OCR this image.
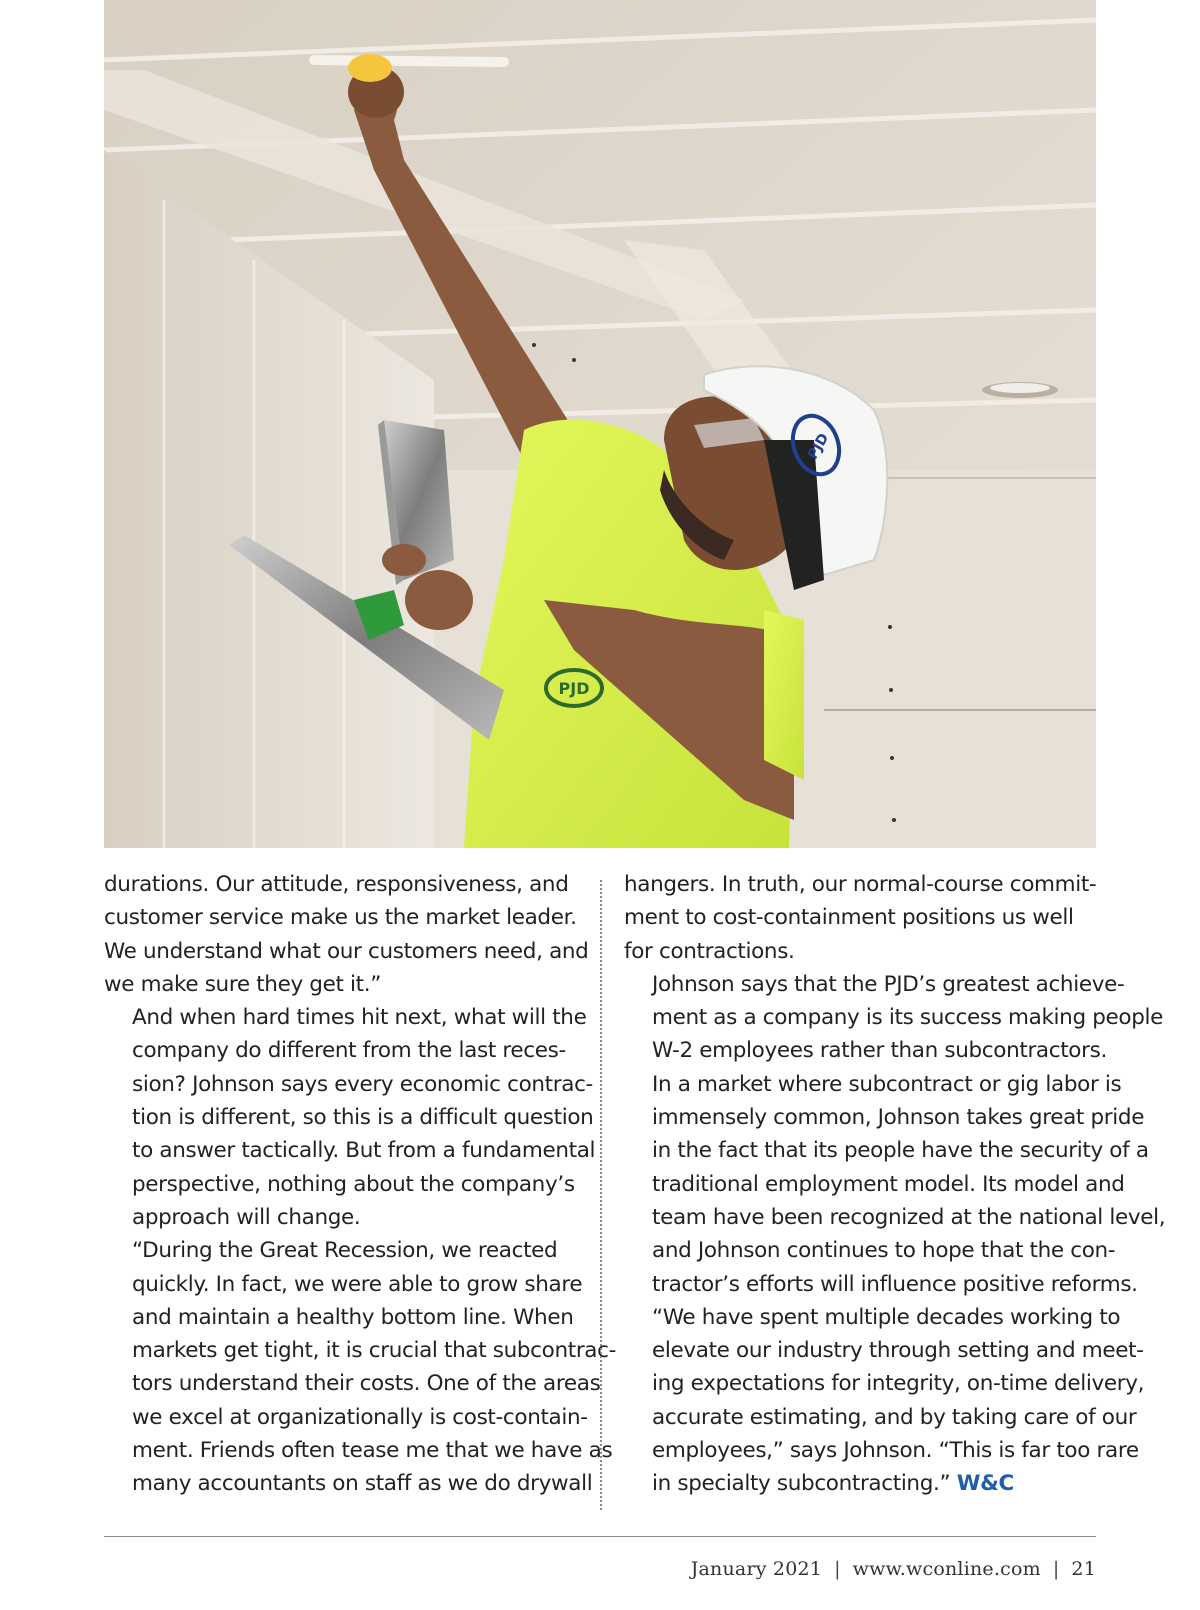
PJD
PJD

durations. Our attitude, responsiveness, and
customer service make us the market leader.
We understand what our customers need, and
we make sure they get it.”

And when hard times hit next, what will the
company do different from the last reces-
sion? Johnson says every economic contrac-
tion is different, so this is a difficult question
to answer tactically. But from a fundamental
perspective, nothing about the company’s
approach will change.

“During the Great Recession, we reacted
quickly. In fact, we were able to grow share
and maintain a healthy bottom line. When
markets get tight, it is crucial that subcontrac-
tors understand their costs. One of the areas
we excel at organizationally is cost-contain-
ment. Friends often tease me that we have as
many accountants on staff as we do drywall

hangers. In truth, our normal-course commit-
ment to cost-containment positions us well
for contractions.

Johnson says that the PJD’s greatest achieve-
ment as a company is its success making people
W-2 employees rather than subcontractors.
In a market where subcontract or gig labor is
immensely common, Johnson takes great pride
in the fact that its people have the security of a
traditional employment model. Its model and
team have been recognized at the national level,
and Johnson continues to hope that the con-
tractor’s efforts will influence positive reforms.

“We have spent multiple decades working to
elevate our industry through setting and meet-
ing expectations for integrity, on-time delivery,
accurate estimating, and by taking care of our
employees,” says Johnson. “This is far too rare
in specialty subcontracting.” W&C

January 2021 | www.wconline.com | 21
